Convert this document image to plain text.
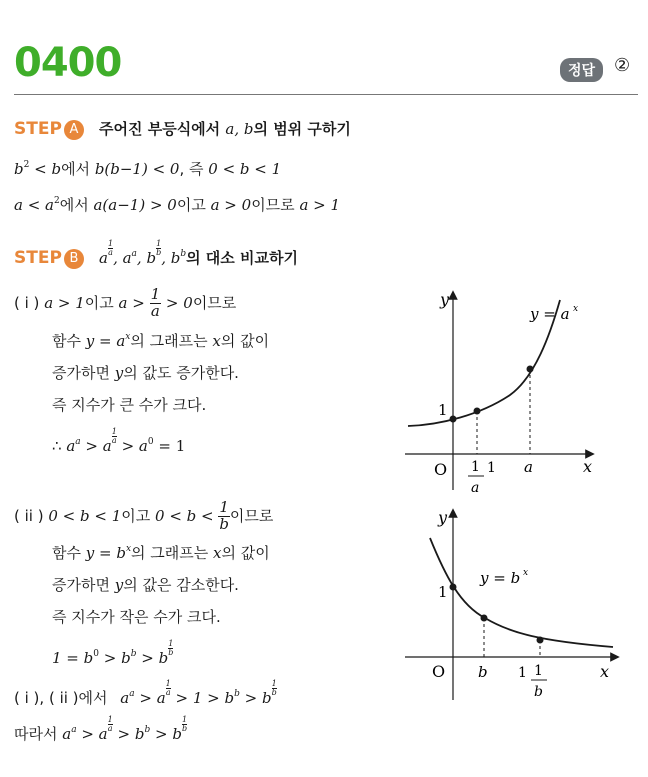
0400	정답	②
STEP A 주어진 부등식에서 a, b의 범위 구하기
$b^2 < b$에서 b(b−1) < 0, 즉 0 < b < 1
$a < a^2$에서 a(a−1) > 0이고 a > 0이므로 a > 1
STEP B a
$\frac{1}{a}$
, $a^a$, b
$\frac{1}{b}$
, $b^b$의 대소 비교하기
( i ) a > 1이고 $a > \frac{1}{a} > 0$이므로
함수 $y = a^x$의 그래프는 x의 값이
증가하면 y의 값도 증가한다.
즉 지수가 큰 수가 크다.
∴ $a^a > a$
$\frac{1}{a}$
> $a^0 = 1$
( ii ) 0 < b < 1이고 $0 < b < \frac{1}{b}$ 이므로
함수 $y = b^x$의 그래프는 x의 값이
증가하면 y의 값은 감소한다.
즉 지수가 작은 수가 크다.
$1 = b^0 > b^b > b$
$\frac{1}{b}$
( i ), ( ii )에서 $a^a > a$
$\frac{1}{a}$
> $1 > b^b > b$
$\frac{1}{b}$
따라서 $a^a > a$
$\frac{1}{a}$
> $b^b > b$
$\frac{1}{b}$
y
x
O
1
1
a
1 a
y = a x
y
x
O
1
b 1 1
b
y = b x
